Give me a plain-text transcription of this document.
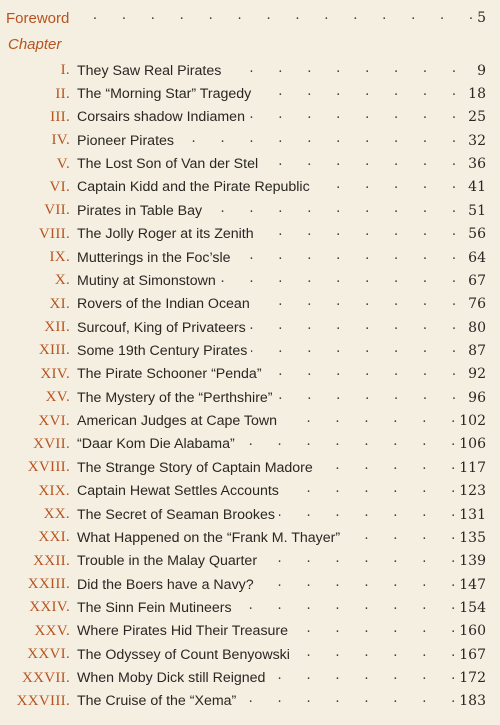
Foreword .	5
Chapter
I. They Saw Real Pirates .	9
II. The “Morning Star” Tragedy .	18
III. Corsairs shadow Indiamen .	25
IV. Pioneer Pirates .	32
V. The Lost Son of Van der Stel .	36
VI. Captain Kidd and the Pirate Republic .	41
VII. Pirates in Table Bay .	51
VIII. The Jolly Roger at its Zenith .	56
IX. Mutterings in the Foc’sle .	64
X. Mutiny at Simonstown .	67
XI. Rovers of the Indian Ocean .	76
XII. Surcouf, King of Privateers .	80
XIII. Some 19th Century Pirates .	87
XIV. The Pirate Schooner “Penda” .	92
XV. The Mystery of the “Perthshire” .	96
XVI. American Judges at Cape Town .	102
XVII. “Daar Kom Die Alabama” .	106
XVIII. The Strange Story of Captain Madore .	117
XIX. Captain Hewat Settles Accounts .	123
XX. The Secret of Seaman Brookes .	131
XXI. What Happened on the “Frank M. Thayer” .	135
XXII. Trouble in the Malay Quarter .	139
XXIII. Did the Boers have a Navy? .	147
XXIV. The Sinn Fein Mutineers .	154
XXV. Where Pirates Hid Their Treasure .	160
XXVI. The Odyssey of Count Benyowski .	167
XXVII. When Moby Dick still Reigned .	172
XXVIII. The Cruise of the “Xema” .	183
